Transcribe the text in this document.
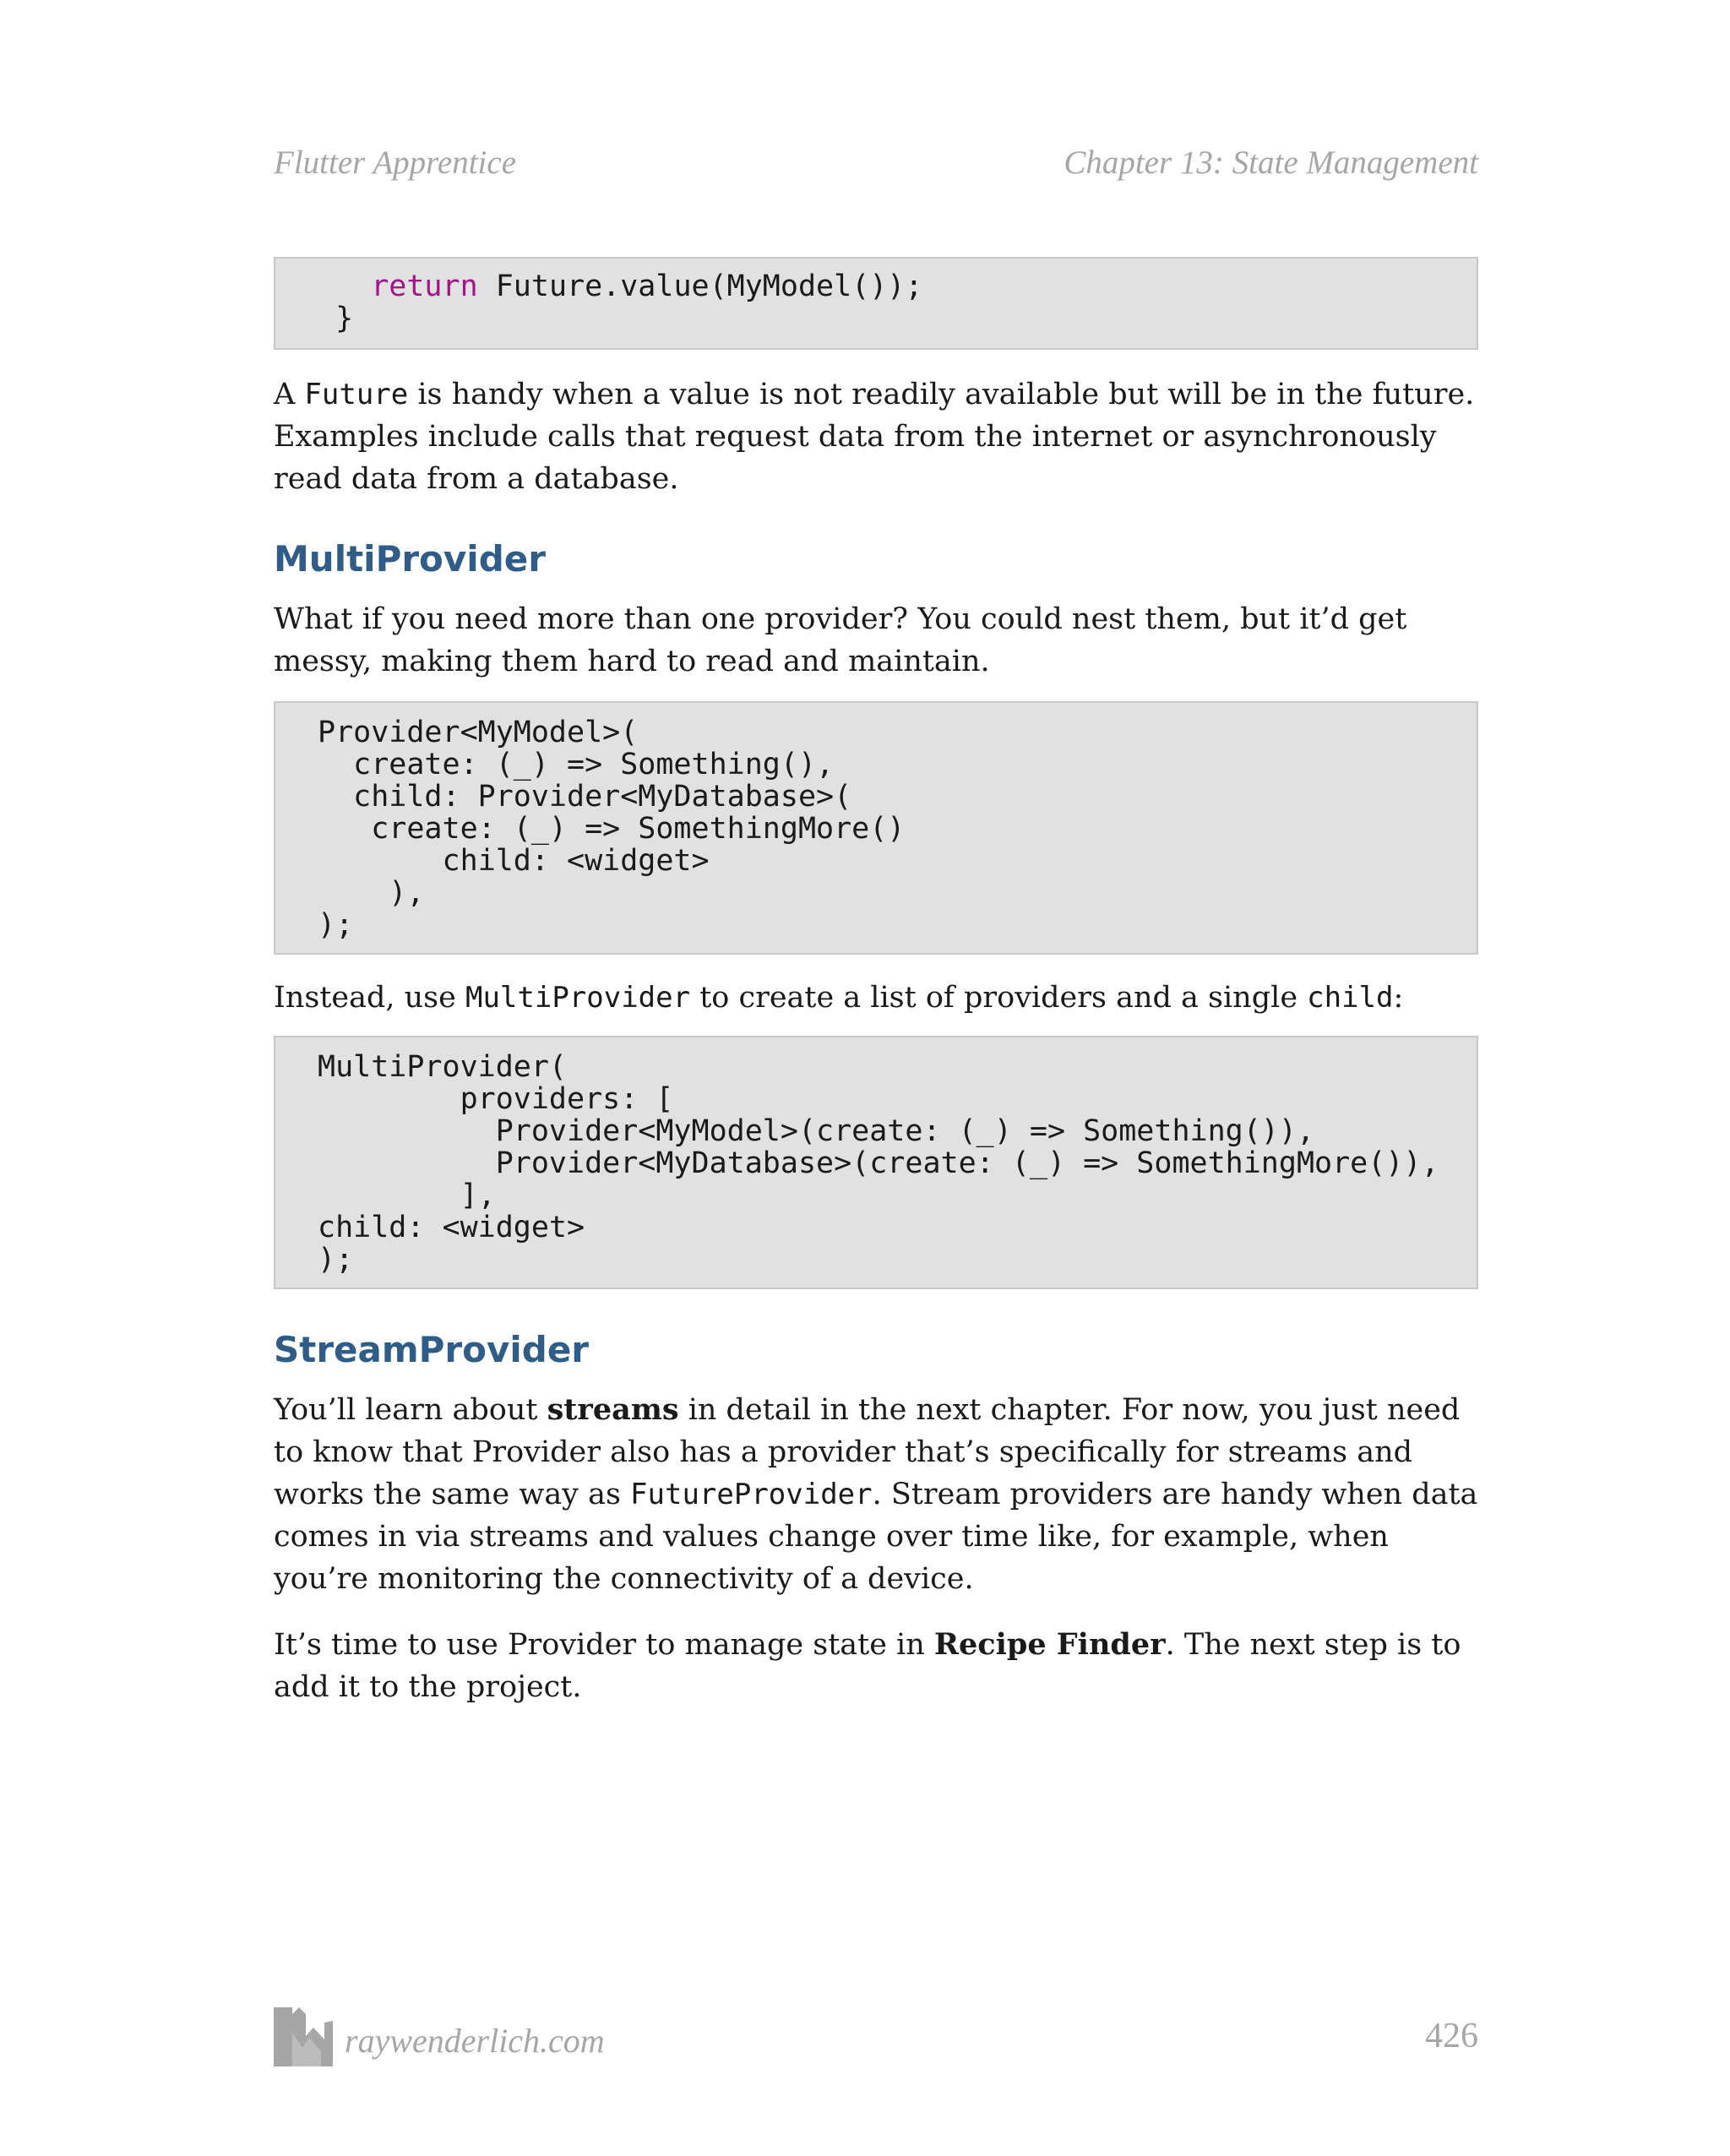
Flutter Apprentice	Chapter 13: State Management
return Future.value(MyModel());
}

A Future is handy when a value is not readily available but will be in the future. Examples include calls that request data from the internet or asynchronously read data from a database.

MultiProvider

What if you need more than one provider? You could nest them, but it’d get messy, making them hard to read and maintain.

Provider<MyModel>(
create: (_) => Something(),
child: Provider<MyDatabase>(
create: (_) => SomethingMore()
child: <widget>
),
);

Instead, use MultiProvider to create a list of providers and a single child:

MultiProvider(
providers: [
Provider<MyModel>(create: (_) => Something()),
Provider<MyDatabase>(create: (_) => SomethingMore()),
],
child: <widget>
);
StreamProvider

You’ll learn about streams in detail in the next chapter. For now, you just need to know that Provider also has a provider that’s specifically for streams and works the same way as FutureProvider. Stream providers are handy when data comes in via streams and values change over time like, for example, when you’re monitoring the connectivity of a device.

It’s time to use Provider to manage state in Recipe Finder. The next step is to add it to the project.

raywenderlich.com	426
